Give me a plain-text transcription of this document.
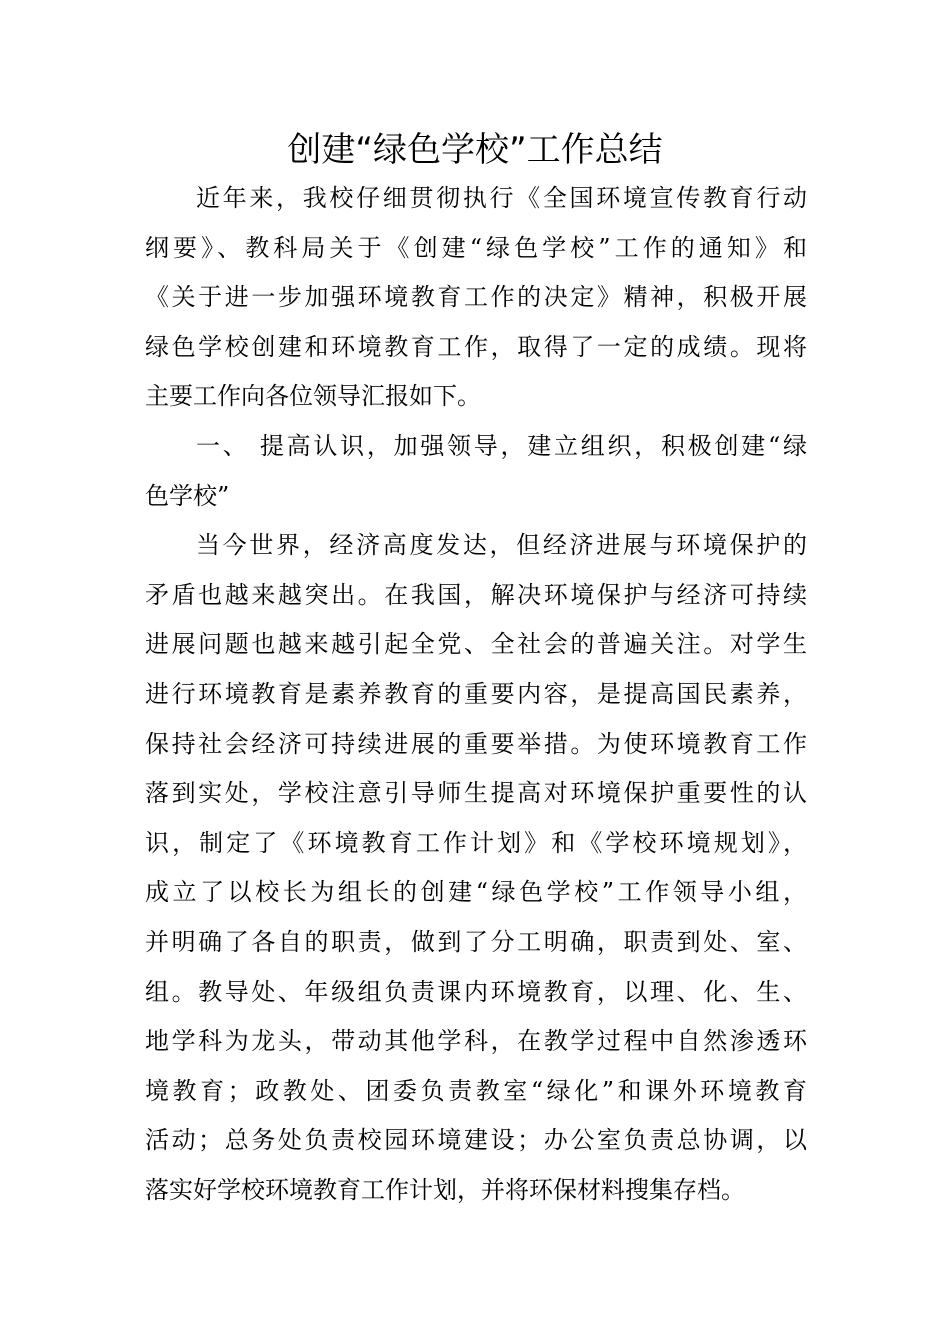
创建“绿色学校”工作总结

近年来，我校仔细贯彻执行《全国环境宣传教育行动

纲要》、教科局关于《创建“绿色学校”工作的通知》和

《关于进一步加强环境教育工作的决定》精神，积极开展

绿色学校创建和环境教育工作，取得了一定的成绩。现将

主要工作向各位领导汇报如下。

一、 提高认识，加强领导，建立组织，积极创建“绿

色学校”

当今世界，经济高度发达，但经济进展与环境保护的

矛盾也越来越突出。在我国，解决环境保护与经济可持续

进展问题也越来越引起全党、全社会的普遍关注。对学生

进行环境教育是素养教育的重要内容，是提高国民素养，

保持社会经济可持续进展的重要举措。为使环境教育工作

落到实处，学校注意引导师生提高对环境保护重要性的认

识，制定了《环境教育工作计划》和《学校环境规划》，

成立了以校长为组长的创建“绿色学校”工作领导小组，

并明确了各自的职责，做到了分工明确，职责到处、室、

组。教导处、年级组负责课内环境教育，以理、化、生、

地学科为龙头，带动其他学科，在教学过程中自然渗透环

境教育；政教处、团委负责教室“绿化”和课外环境教育

活动；总务处负责校园环境建设；办公室负责总协调，以

落实好学校环境教育工作计划，并将环保材料搜集存档。
